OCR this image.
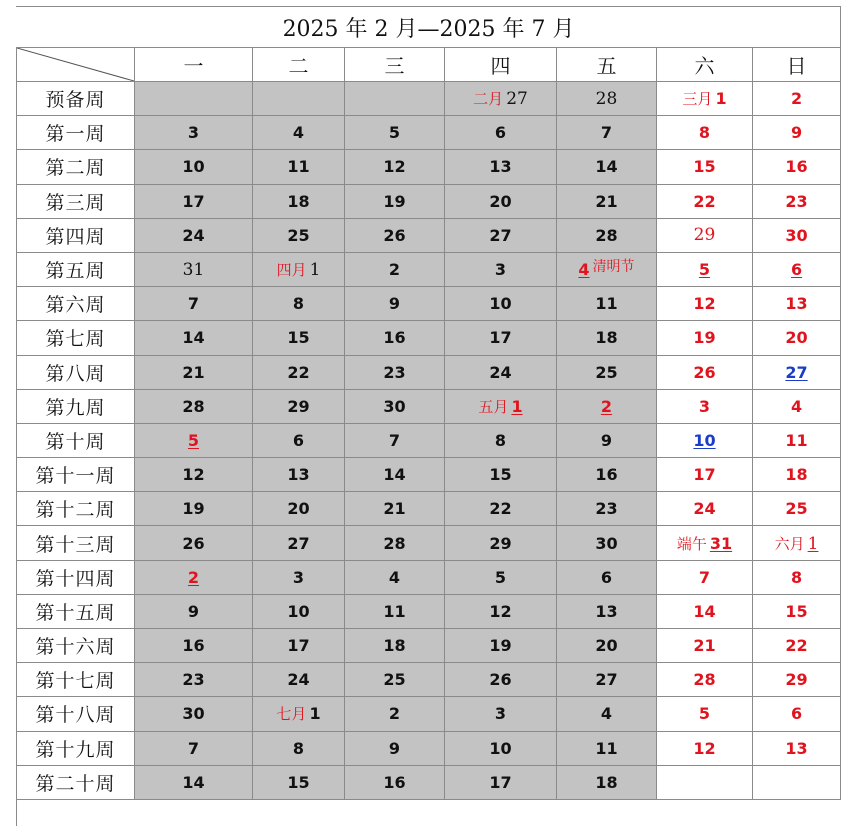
2025 年 2 月—2025 年 7 月							

	一	二	三	四	五	六	日
预备周				二月 27	28	三月 1	2
第一周	3	4	5	6	7	8	9
第二周	10	11	12	13	14	15	16
第三周	17	18	19	20	21	22	23
第四周	24	25	26	27	28	29	30
第五周	31	四月 1	2	3	4 清明节	5	6
第六周	7	8	9	10	11	12	13
第七周	14	15	16	17	18	19	20
第八周	21	22	23	24	25	26	27
第九周	28	29	30	五月 1	2	3	4
第十周	5	6	7	8	9	10	11
第十一周	12	13	14	15	16	17	18
第十二周	19	20	21	22	23	24	25
第十三周	26	27	28	29	30	端午 31	六月 1
第十四周	2	3	4	5	6	7	8
第十五周	9	10	11	12	13	14	15
第十六周	16	17	18	19	20	21	22
第十七周	23	24	25	26	27	28	29
第十八周	30	七月 1	2	3	4	5	6
第十九周	7	8	9	10	11	12	13
第二十周	14	15	16	17	18		
